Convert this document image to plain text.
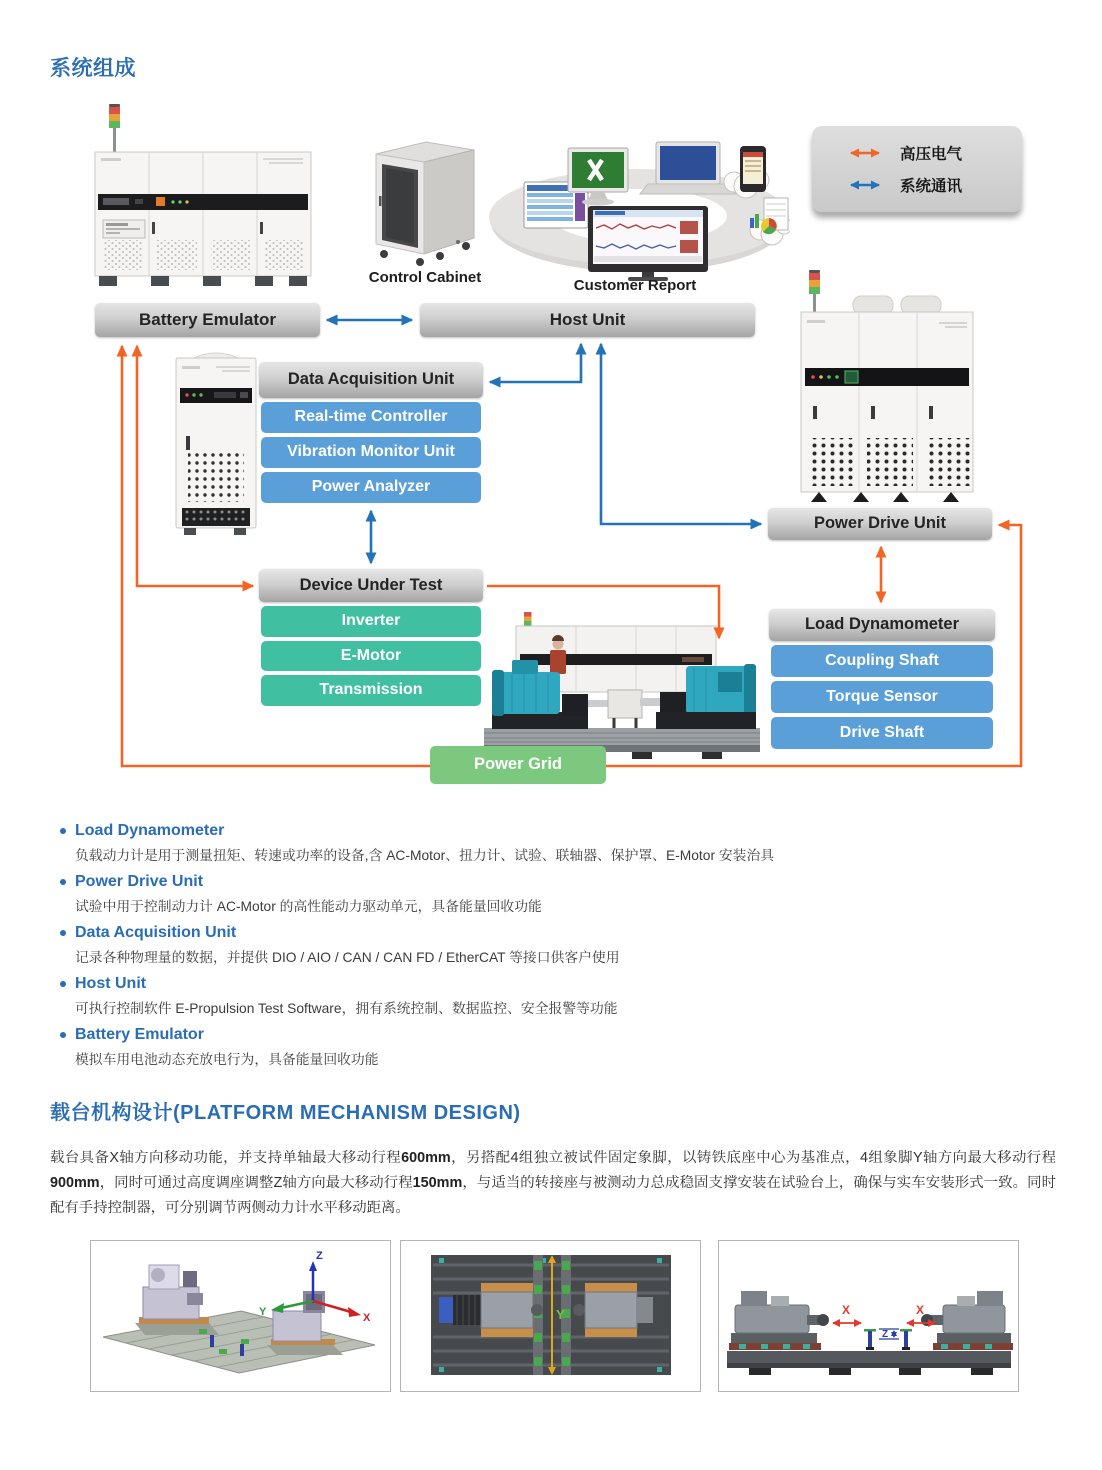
系统组成
Control Cabinet	Customer Report
高压电气
系统通讯
Battery Emulator	Host Unit
Data Acquisition Unit
Real-time Controller
Vibration Monitor Unit
Power Analyzer
Device Under Test
Inverter
E-Motor
Transmission
Power Drive Unit
Load Dynamometer
Coupling Shaft
Torque Sensor
Drive Shaft
Power Grid
Load Dynamometer
负载动力计是用于测量扭矩、转速或功率的设备,含 AC-Motor、扭力计、试验、联轴器、保护罩、E-Motor 安装治具
Power Drive Unit
试验中用于控制动力计 AC-Motor 的高性能动力驱动单元，具备能量回收功能
Data Acquisition Unit
记录各种物理量的数据，并提供 DIO / AIO / CAN / CAN FD / EtherCAT 等接口供客户使用
Host Unit
可执行控制软件 E-Propulsion Test Software，拥有系统控制、数据监控、安全报警等功能
Battery Emulator
模拟车用电池动态充放电行为，具备能量回收功能
载台机构设计(PLATFORM MECHANISM DESIGN)
载台具备X轴方向移动功能，并支持单轴最大移动行程600mm，另搭配4组独立被试件固定象脚，以铸铁底座中心为基准点，4组象脚Y轴方向最大移动行程900mm，同时可通过高度调座调整Z轴方向最大移动行程150mm，与适当的转接座与被测动力总成稳固支撑安装在试验台上，确保与实车安装形式一致。同时配有手持控制器，可分别调节两侧动力计水平移动距离。
Z
X
Y	Y	X	X
Z
